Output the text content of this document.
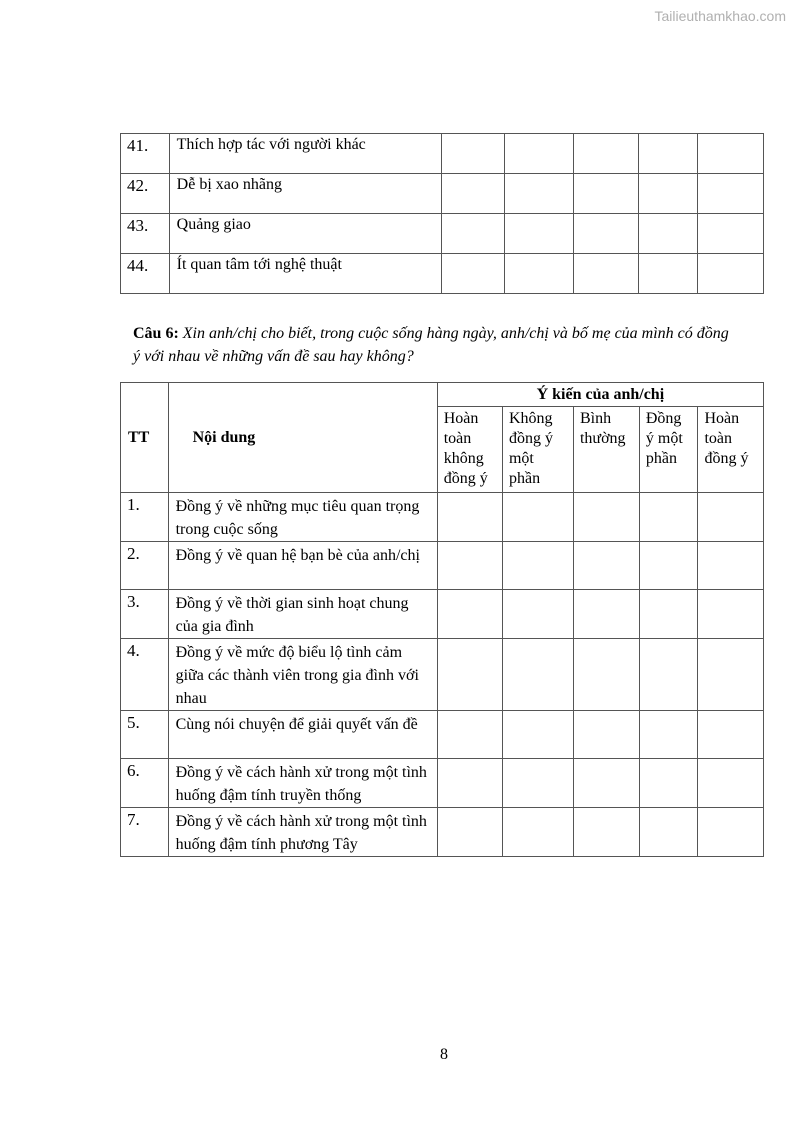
Tailieuthamkhao.com
41.	Thích hợp tác với người khác					
42.	Dễ bị xao nhãng					
43.	Quảng giao					
44.	Ít quan tâm tới nghệ thuật					
Câu 6: Xin anh/chị cho biết, trong cuộc sống hàng ngày, anh/chị và bố mẹ của mình có đồng ý với nhau về những vấn đề sau hay không?
TT	Nội dung	Ý kiến của anh/chị				
		Hoàn toàn không đồng ý	Không đồng ý một phần	Bình thường	Đồng ý một phần	Hoàn toàn đồng ý
1.	Đồng ý về những mục tiêu quan trọng trong cuộc sống					
2.	Đồng ý về quan hệ bạn bè của anh/chị					
3.	Đồng ý về thời gian sinh hoạt chung của gia đình					
4.	Đồng ý về mức độ biểu lộ tình cảm giữa các thành viên trong gia đình với nhau					
5.	Cùng nói chuyện để giải quyết vấn đề					
6.	Đồng ý về cách hành xử trong một tình huống đậm tính truyền thống					
7.	Đồng ý về cách hành xử trong một tình huống đậm tính phương Tây					
8
